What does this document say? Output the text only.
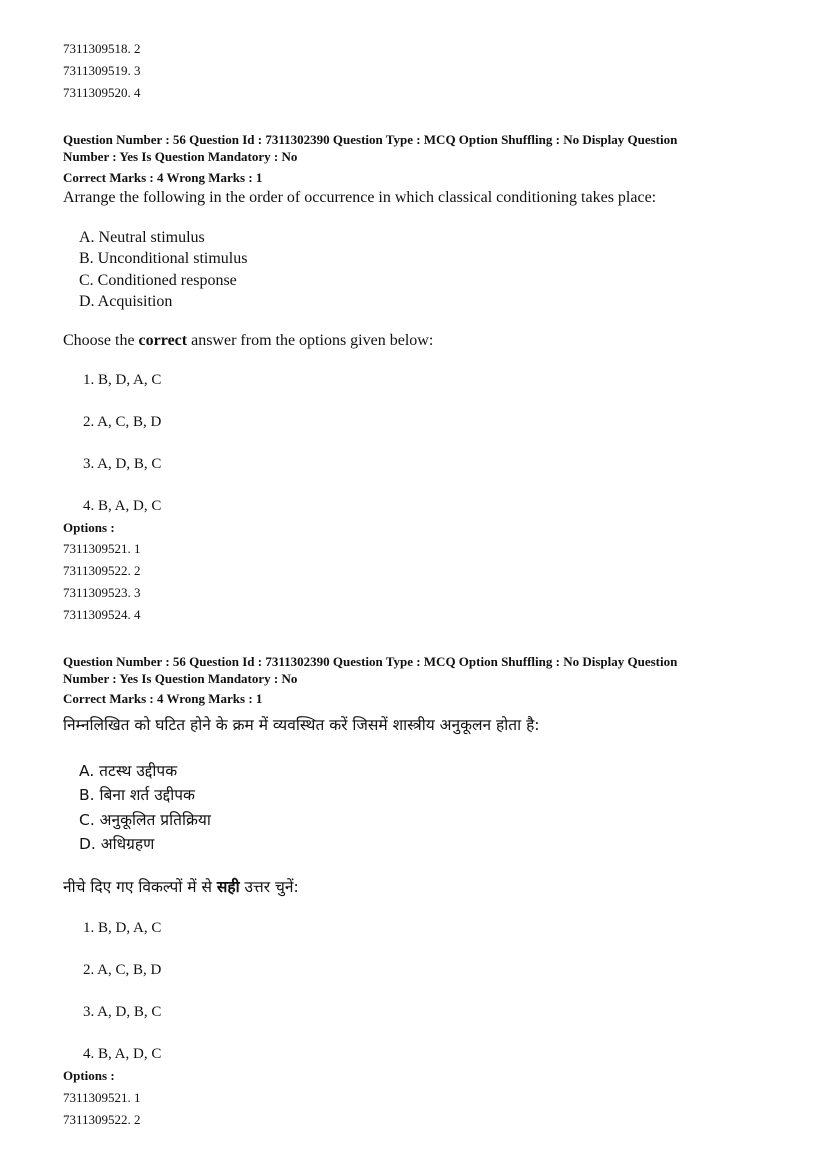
7311309518. 2
7311309519. 3
7311309520. 4
Question Number : 56 Question Id : 7311302390 Question Type : MCQ Option Shuffling : No Display Question
Number : Yes Is Question Mandatory : No
Correct Marks : 4 Wrong Marks : 1
Arrange the following in the order of occurrence in which classical conditioning takes place:
A. Neutral stimulus
B. Unconditional stimulus
C. Conditioned response
D. Acquisition
Choose the correct answer from the options given below:
1. B, D, A, C
2. A, C, B, D
3. A, D, B, C
4. B, A, D, C
Options :
7311309521. 1
7311309522. 2
7311309523. 3
7311309524. 4
Question Number : 56 Question Id : 7311302390 Question Type : MCQ Option Shuffling : No Display Question
Number : Yes Is Question Mandatory : No
Correct Marks : 4 Wrong Marks : 1
निम्नलिखित को घटित होने के क्रम में व्यवस्थित करें जिसमें शास्त्रीय अनुकूलन होता है:
A. तटस्थ उद्दीपक
B. बिना शर्त उद्दीपक
C. अनुकूलित प्रतिक्रिया
D. अधिग्रहण
नीचे दिए गए विकल्पों में से सही उत्तर चुनें:
1. B, D, A, C
2. A, C, B, D
3. A, D, B, C
4. B, A, D, C
Options :
7311309521. 1
7311309522. 2
